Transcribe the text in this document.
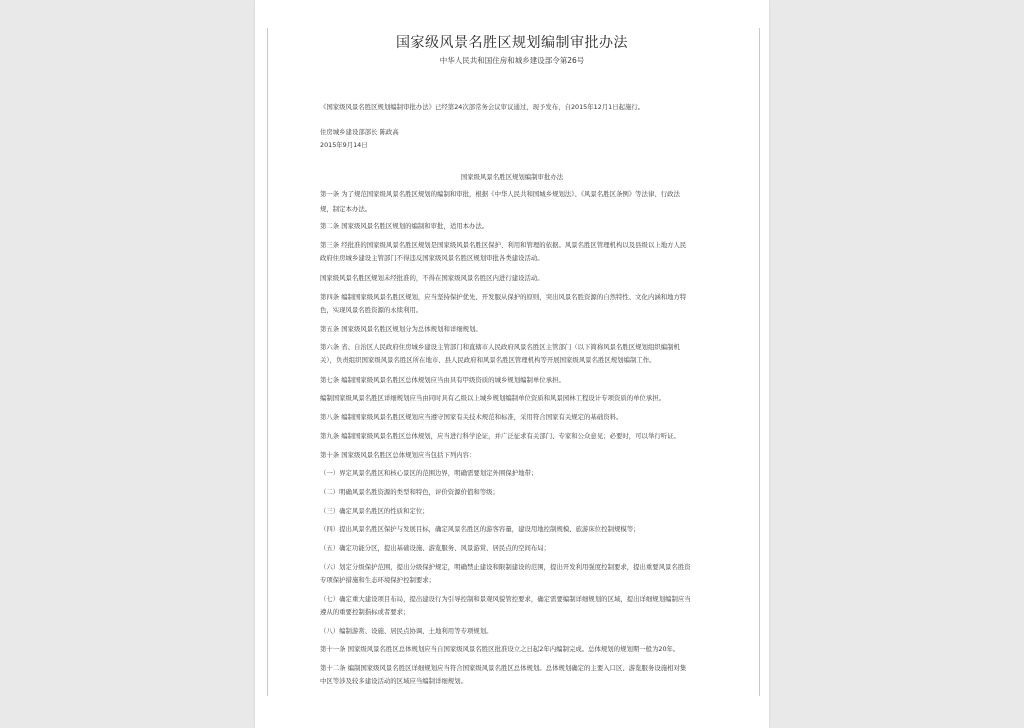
国家级风景名胜区规划编制审批办法
中华人民共和国住房和城乡建设部令第26号
《国家级风景名胜区规划编制审批办法》已经第24次部常务会议审议通过，现予发布，自2015年12月1日起施行。
住房城乡建设部部长 陈政高
2015年9月14日
国家级风景名胜区规划编制审批办法
第一条 为了规范国家级风景名胜区规划的编制和审批，根据《中华人民共和国城乡规划法》、《风景名胜区条例》等法律、行政法
规，制定本办法。
第二条 国家级风景名胜区规划的编制和审批，适用本办法。
第三条 经批准的国家级风景名胜区规划是国家级风景名胜区保护、利用和管理的依据。风景名胜区管理机构以及县级以上地方人民
政府住房城乡建设主管部门不得违反国家级风景名胜区规划审批各类建设活动。
国家级风景名胜区规划未经批准的，不得在国家级风景名胜区内进行建设活动。
第四条 编制国家级风景名胜区规划，应当坚持保护优先、开发服从保护的原则，突出风景名胜资源的自然特性、文化内涵和地方特
色，实现风景名胜资源的永续利用。
第五条 国家级风景名胜区规划分为总体规划和详细规划。
第六条 省、自治区人民政府住房城乡建设主管部门和直辖市人民政府风景名胜区主管部门（以下简称风景名胜区规划组织编制机
关），负责组织国家级风景名胜区所在地市、县人民政府和风景名胜区管理机构等开展国家级风景名胜区规划编制工作。
第七条 编制国家级风景名胜区总体规划应当由具有甲级资质的城乡规划编制单位承担。
编制国家级风景名胜区详细规划应当由同时具有乙级以上城乡规划编制单位资质和风景园林工程设计专项资质的单位承担。
第八条 编制国家级风景名胜区规划应当遵守国家有关技术规范和标准，采用符合国家有关规定的基础资料。
第九条 编制国家级风景名胜区总体规划，应当进行科学论证，并广泛征求有关部门、专家和公众意见；必要时，可以举行听证。
第十条 国家级风景名胜区总体规划应当包括下列内容：
（一）界定风景名胜区和核心景区的范围边界，明确需要划定外围保护地带；
（二）明确风景名胜资源的类型和特色，评价资源价值和等级；
（三）确定风景名胜区的性质和定位；
（四）提出风景名胜区保护与发展目标，确定风景名胜区的游客容量，建设用地控制规模、旅游床位控制规模等；
（五）确定功能分区，提出基础设施、游览服务、风景游赏、居民点的空间布局；
（六）划定分级保护范围，提出分级保护规定，明确禁止建设和限制建设的范围，提出开发利用强度控制要求，提出重要风景名胜资
专项保护措施和生态环境保护控制要求；
（七）确定重大建设项目布局，提出建设行为引导控制和景观风貌管控要求，确定需要编制详细规划的区域，提出详细规划编制应当
遵从的重要控制指标或者要求；
（八）编制游赏、设施、居民点协调、土地利用等专项规划。
第十一条 国家级风景名胜区总体规划应当自国家级风景名胜区批准设立之日起2年内编制完成。总体规划的规划期一般为20年。
第十二条 编制国家级风景名胜区详细规划应当符合国家级风景名胜区总体规划。总体规划确定的主要入口区、游览服务设施相对集
中区等涉及较多建设活动的区域应当编制详细规划。
